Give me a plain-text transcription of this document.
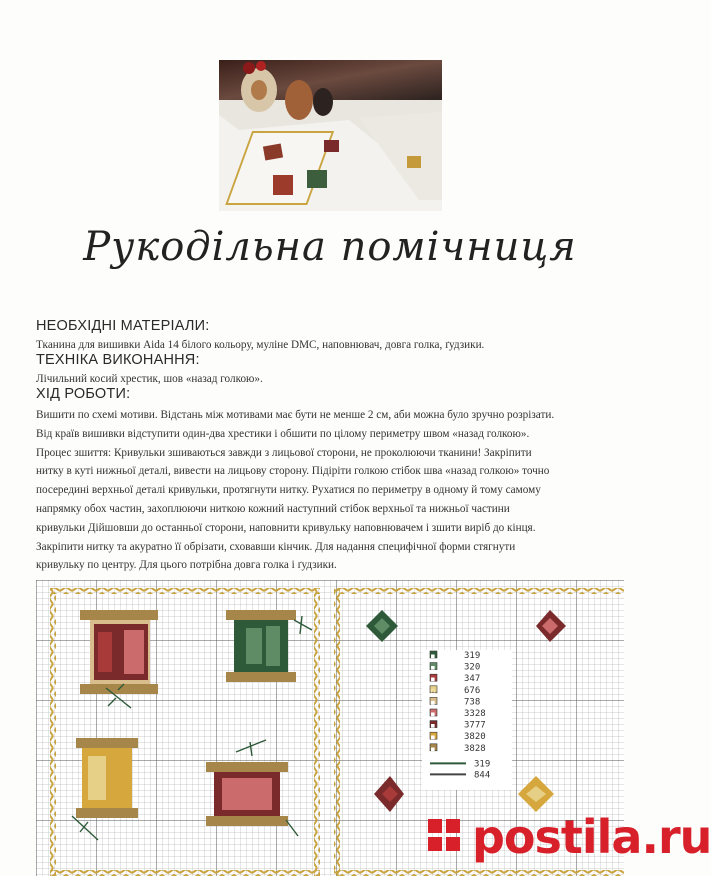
Рукодільна помічниця
НЕОБХІДНІ МАТЕРІАЛИ:
Тканина для вишивки Aida 14 білого кольору, муліне DMC, наповнювач, довга голка, ґудзики.
ТЕХНІКА ВИКОНАННЯ:
Лічильний косий хрестик, шов «назад голкою».
ХІД РОБОТИ:
Вишити по схемі мотиви. Відстань між мотивами має бути не менше 2 см, аби можна було зручно розрізати.
Від країв вишивки відступити один-два хрестики і обшити по цілому периметру швом «назад голкою».
Процес зшиття: Кривульки зшиваються завжди з лицьової сторони, не проколюючи тканини! Закріпити
нитку в куті нижньої деталі, вивести на лицьову сторону. Підіріти голкою стібок шва «назад голкою» точно
посередині верхньої деталі кривульки, протягнути нитку. Рухатися по периметру в одному й тому самому
напрямку обох частин, захоплюючи ниткою кожний наступний стібок верхньої та нижньої частини
кривульки Дійшовши до останньої сторони, наповнити кривульку наповнювачем і зшити виріб до кінця.
Закріпити нитку та акуратно її обрізати, сховавши кінчик. Для надання специфічної форми стягнути
кривульку по центру. Для цього потрібна довга голка і ґудзики.
■	319
■	320
■	347
□	676
■	738
■	3328
■	3777
■	3820
■	3828
319
844
postila.ru
